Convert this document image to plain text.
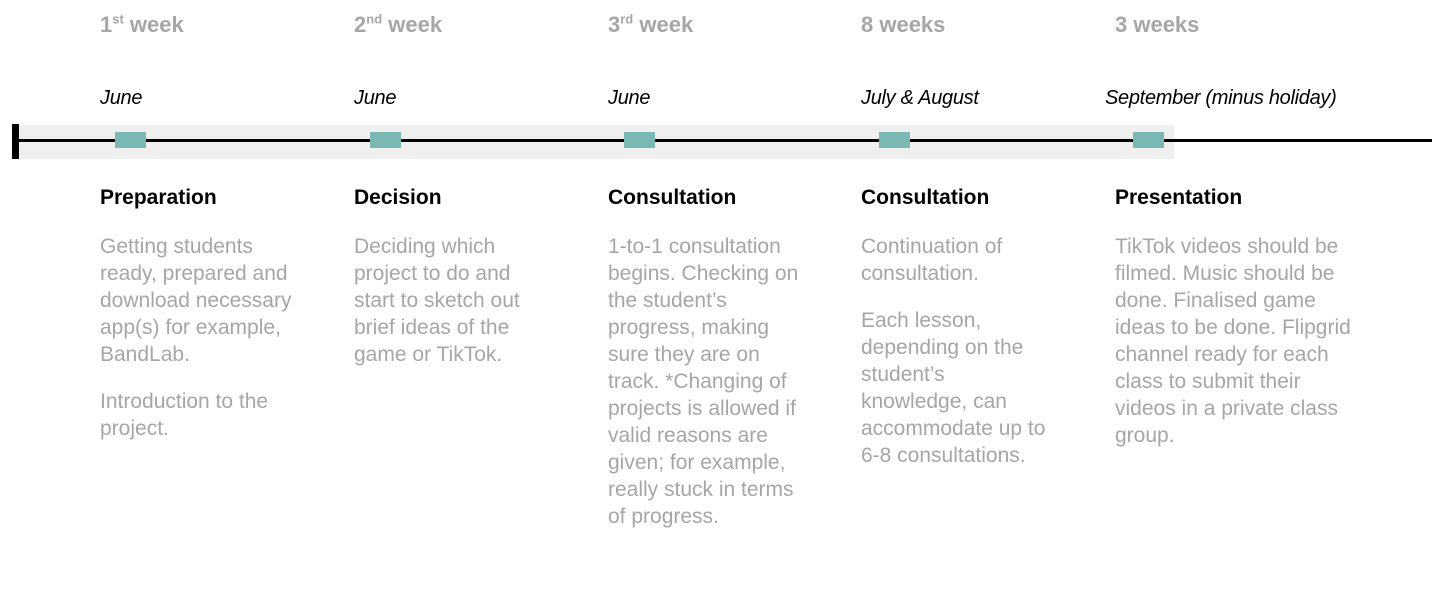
1st week
June
Preparation

Getting students ready, prepared and download necessary app(s) for example, BandLab.

Introduction to the project.

2nd week
June
Decision

Deciding which project to do and start to sketch out brief ideas of the game or TikTok.

3rd week
June
Consultation

1-to-1 consultation begins. Checking on the student’s progress, making sure they are on track. *Changing of projects is allowed if valid reasons are given; for example, really stuck in terms of progress.

8 weeks
July & August
Consultation

Continuation of consultation.

Each lesson, depending on the student’s knowledge, can accommodate up to 6-8 consultations.

3 weeks
September (minus holiday)
Presentation

TikTok videos should be filmed. Music should be done. Finalised game ideas to be done. Flipgrid channel ready for each class to submit their videos in a private class group.
